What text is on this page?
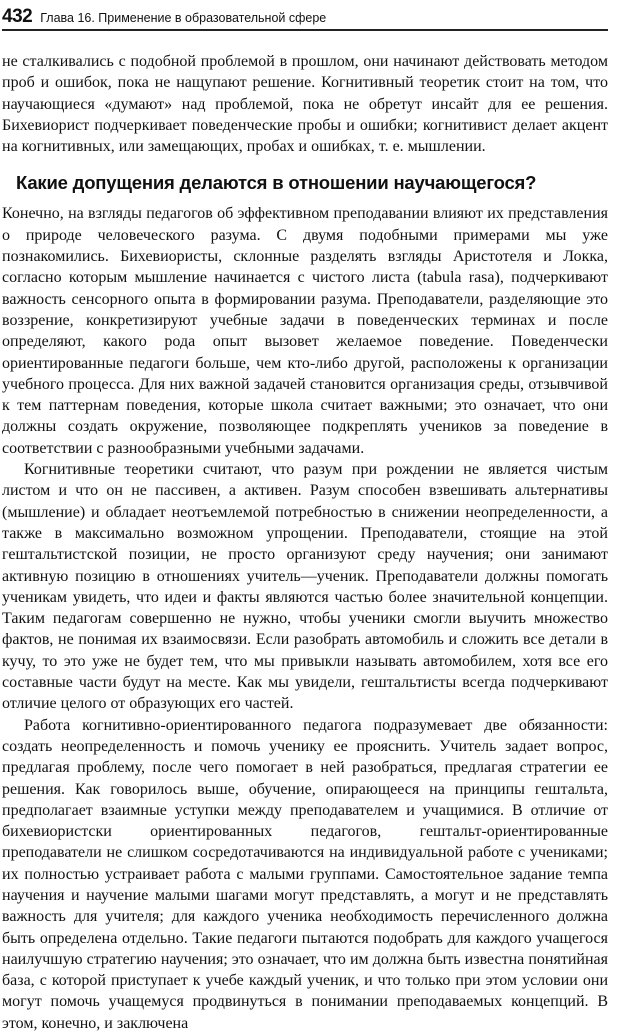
432 Глава 16. Применение в образовательной сфере

не сталкивались с подобной проблемой в прошлом, они начинают действовать методом проб и ошибок, пока не нащупают решение. Когнитивный теоретик стоит на том, что научающиеся «думают» над проблемой, пока не обретут инсайт для ее решения. Бихевиорист подчеркивает поведенческие пробы и ошибки; когнитивист делает акцент на когнитивных, или замещающих, пробах и ошибках, т. е. мышлении.

Какие допущения делаются в отношении научающегося?

Конечно, на взгляды педагогов об эффективном преподавании влияют их представления о природе человеческого разума. С двумя подобными примерами мы уже познакомились. Бихевиористы, склонные разделять взгляды Аристотеля и Локка, согласно которым мышление начинается с чистого листа (tabula rasa), подчеркивают важность сенсорного опыта в формировании разума. Преподаватели, разделяющие это воззрение, конкретизируют учебные задачи в поведенческих терминах и после определяют, какого рода опыт вызовет желаемое поведение. Поведенчески ориентированные педагоги больше, чем кто-либо другой, расположены к организации учебного процесса. Для них важной задачей становится организация среды, отзывчивой к тем паттернам поведения, которые школа считает важными; это означает, что они должны создать окружение, позволяющее подкреплять учеников за поведение в соответствии с разнообразными учебными задачами.

Когнитивные теоретики считают, что разум при рождении не является чистым листом и что он не пассивен, а активен. Разум способен взвешивать альтернативы (мышление) и обладает неотъемлемой потребностью в снижении неопределенности, а также в максимально возможном упрощении. Преподаватели, стоящие на этой гештальтистской позиции, не просто организуют среду научения; они занимают активную позицию в отношениях учитель—ученик. Преподаватели должны помогать ученикам увидеть, что идеи и факты являются частью более значительной концепции. Таким педагогам совершенно не нужно, чтобы ученики смогли выучить множество фактов, не понимая их взаимосвязи. Если разобрать автомобиль и сложить все детали в кучу, то это уже не будет тем, что мы привыкли называть автомобилем, хотя все его составные части будут на месте. Как мы увидели, гештальтисты всегда подчеркивают отличие целого от образующих его частей.

Работа когнитивно-ориентированного педагога подразумевает две обязанности: создать неопределенность и помочь ученику ее прояснить. Учитель задает вопрос, предлагая проблему, после чего помогает в ней разобраться, предлагая стратегии ее решения. Как говорилось выше, обучение, опирающееся на принципы гештальта, предполагает взаимные уступки между преподавателем и учащимися. В отличие от бихевиористски ориентированных педагогов, гештальт-ориентированные преподаватели не слишком сосредотачиваются на индивидуальной работе с учениками; их полностью устраивает работа с малыми группами. Самостоятельное задание темпа научения и научение малыми шагами могут представлять, а могут и не представлять важность для учителя; для каждого ученика необходимость перечисленного должна быть определена отдельно. Такие педагоги пытаются подобрать для каждого учащегося наилучшую стратегию научения; это означает, что им должна быть известна понятийная база, с которой приступает к учебе каждый ученик, и что только при этом условии они могут помочь учащемуся продвинуться в понимании преподаваемых концепций. В этом, конечно, и заключена
